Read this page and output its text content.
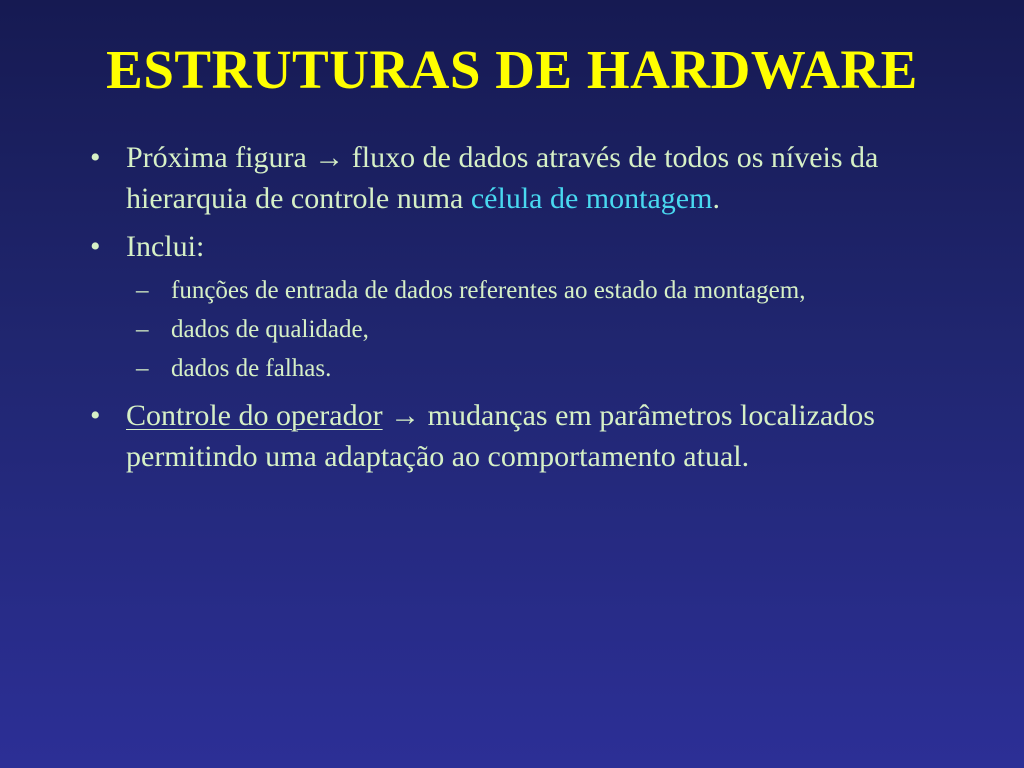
ESTRUTURAS DE HARDWARE
• Próxima figura → fluxo de dados através de todos os níveis da hierarquia de controle numa célula de montagem.
• Inclui:
– funções de entrada de dados referentes ao estado da montagem,
– dados de qualidade,
– dados de falhas.
• Controle do operador → mudanças em parâmetros localizados permitindo uma adaptação ao comportamento atual.
